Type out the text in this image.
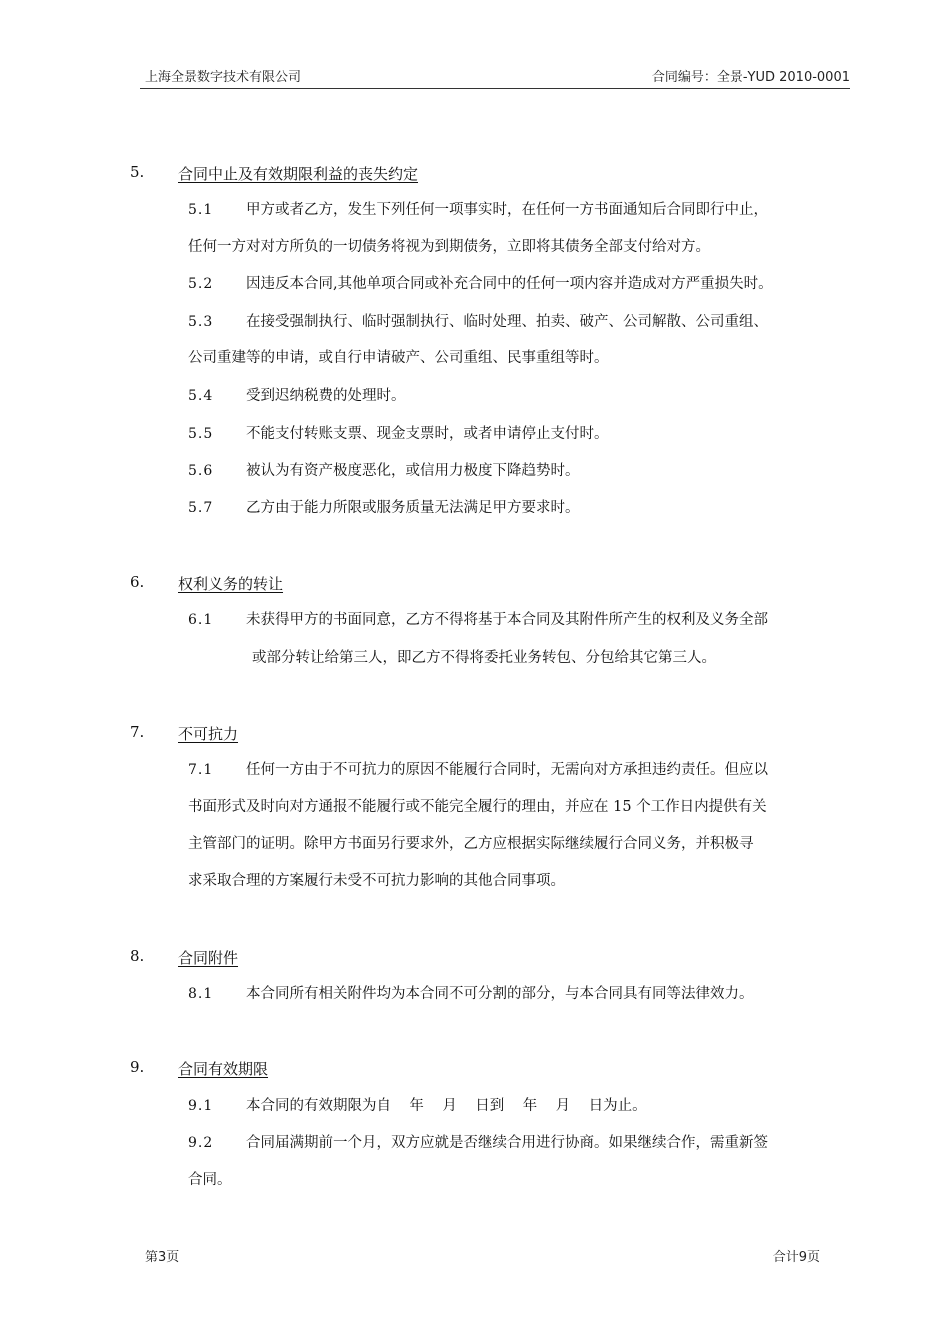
上海全景数字技术有限公司	合同编号：全景-YUD 2010-0001
5. 合同中止及有效期限利益的丧失约定
5.1 甲方或者乙方，发生下列任何一项事实时，在任何一方书面通知后合同即行中止，
任何一方对对方所负的一切债务将视为到期债务，立即将其债务全部支付给对方。
5.2 因违反本合同,其他单项合同或补充合同中的任何一项内容并造成对方严重损失时。
5.3 在接受强制执行、临时强制执行、临时处理、拍卖、破产、公司解散、公司重组、
公司重建等的申请，或自行申请破产、公司重组、民事重组等时。
5.4 受到迟纳税费的处理时。
5.5 不能支付转账支票、现金支票时，或者申请停止支付时。
5.6 被认为有资产极度恶化，或信用力极度下降趋势时。
5.7 乙方由于能力所限或服务质量无法满足甲方要求时。
6. 权利义务的转让
6.1 未获得甲方的书面同意，乙方不得将基于本合同及其附件所产生的权利及义务全部
或部分转让给第三人，即乙方不得将委托业务转包、分包给其它第三人。
7. 不可抗力
7.1 任何一方由于不可抗力的原因不能履行合同时，无需向对方承担违约责任。但应以
书面形式及时向对方通报不能履行或不能完全履行的理由，并应在 15 个工作日内提供有关
主管部门的证明。除甲方书面另行要求外，乙方应根据实际继续履行合同义务，并积极寻
求采取合理的方案履行未受不可抗力影响的其他合同事项。
8. 合同附件
8.1 本合同所有相关附件均为本合同不可分割的部分，与本合同具有同等法律效力。
9. 合同有效期限
9.1 本合同的有效期限为自    年    月    日到    年    月    日为止。
9.2 合同届满期前一个月，双方应就是否继续合用进行协商。如果继续合作，需重新签
合同。
第3页	合计9页
